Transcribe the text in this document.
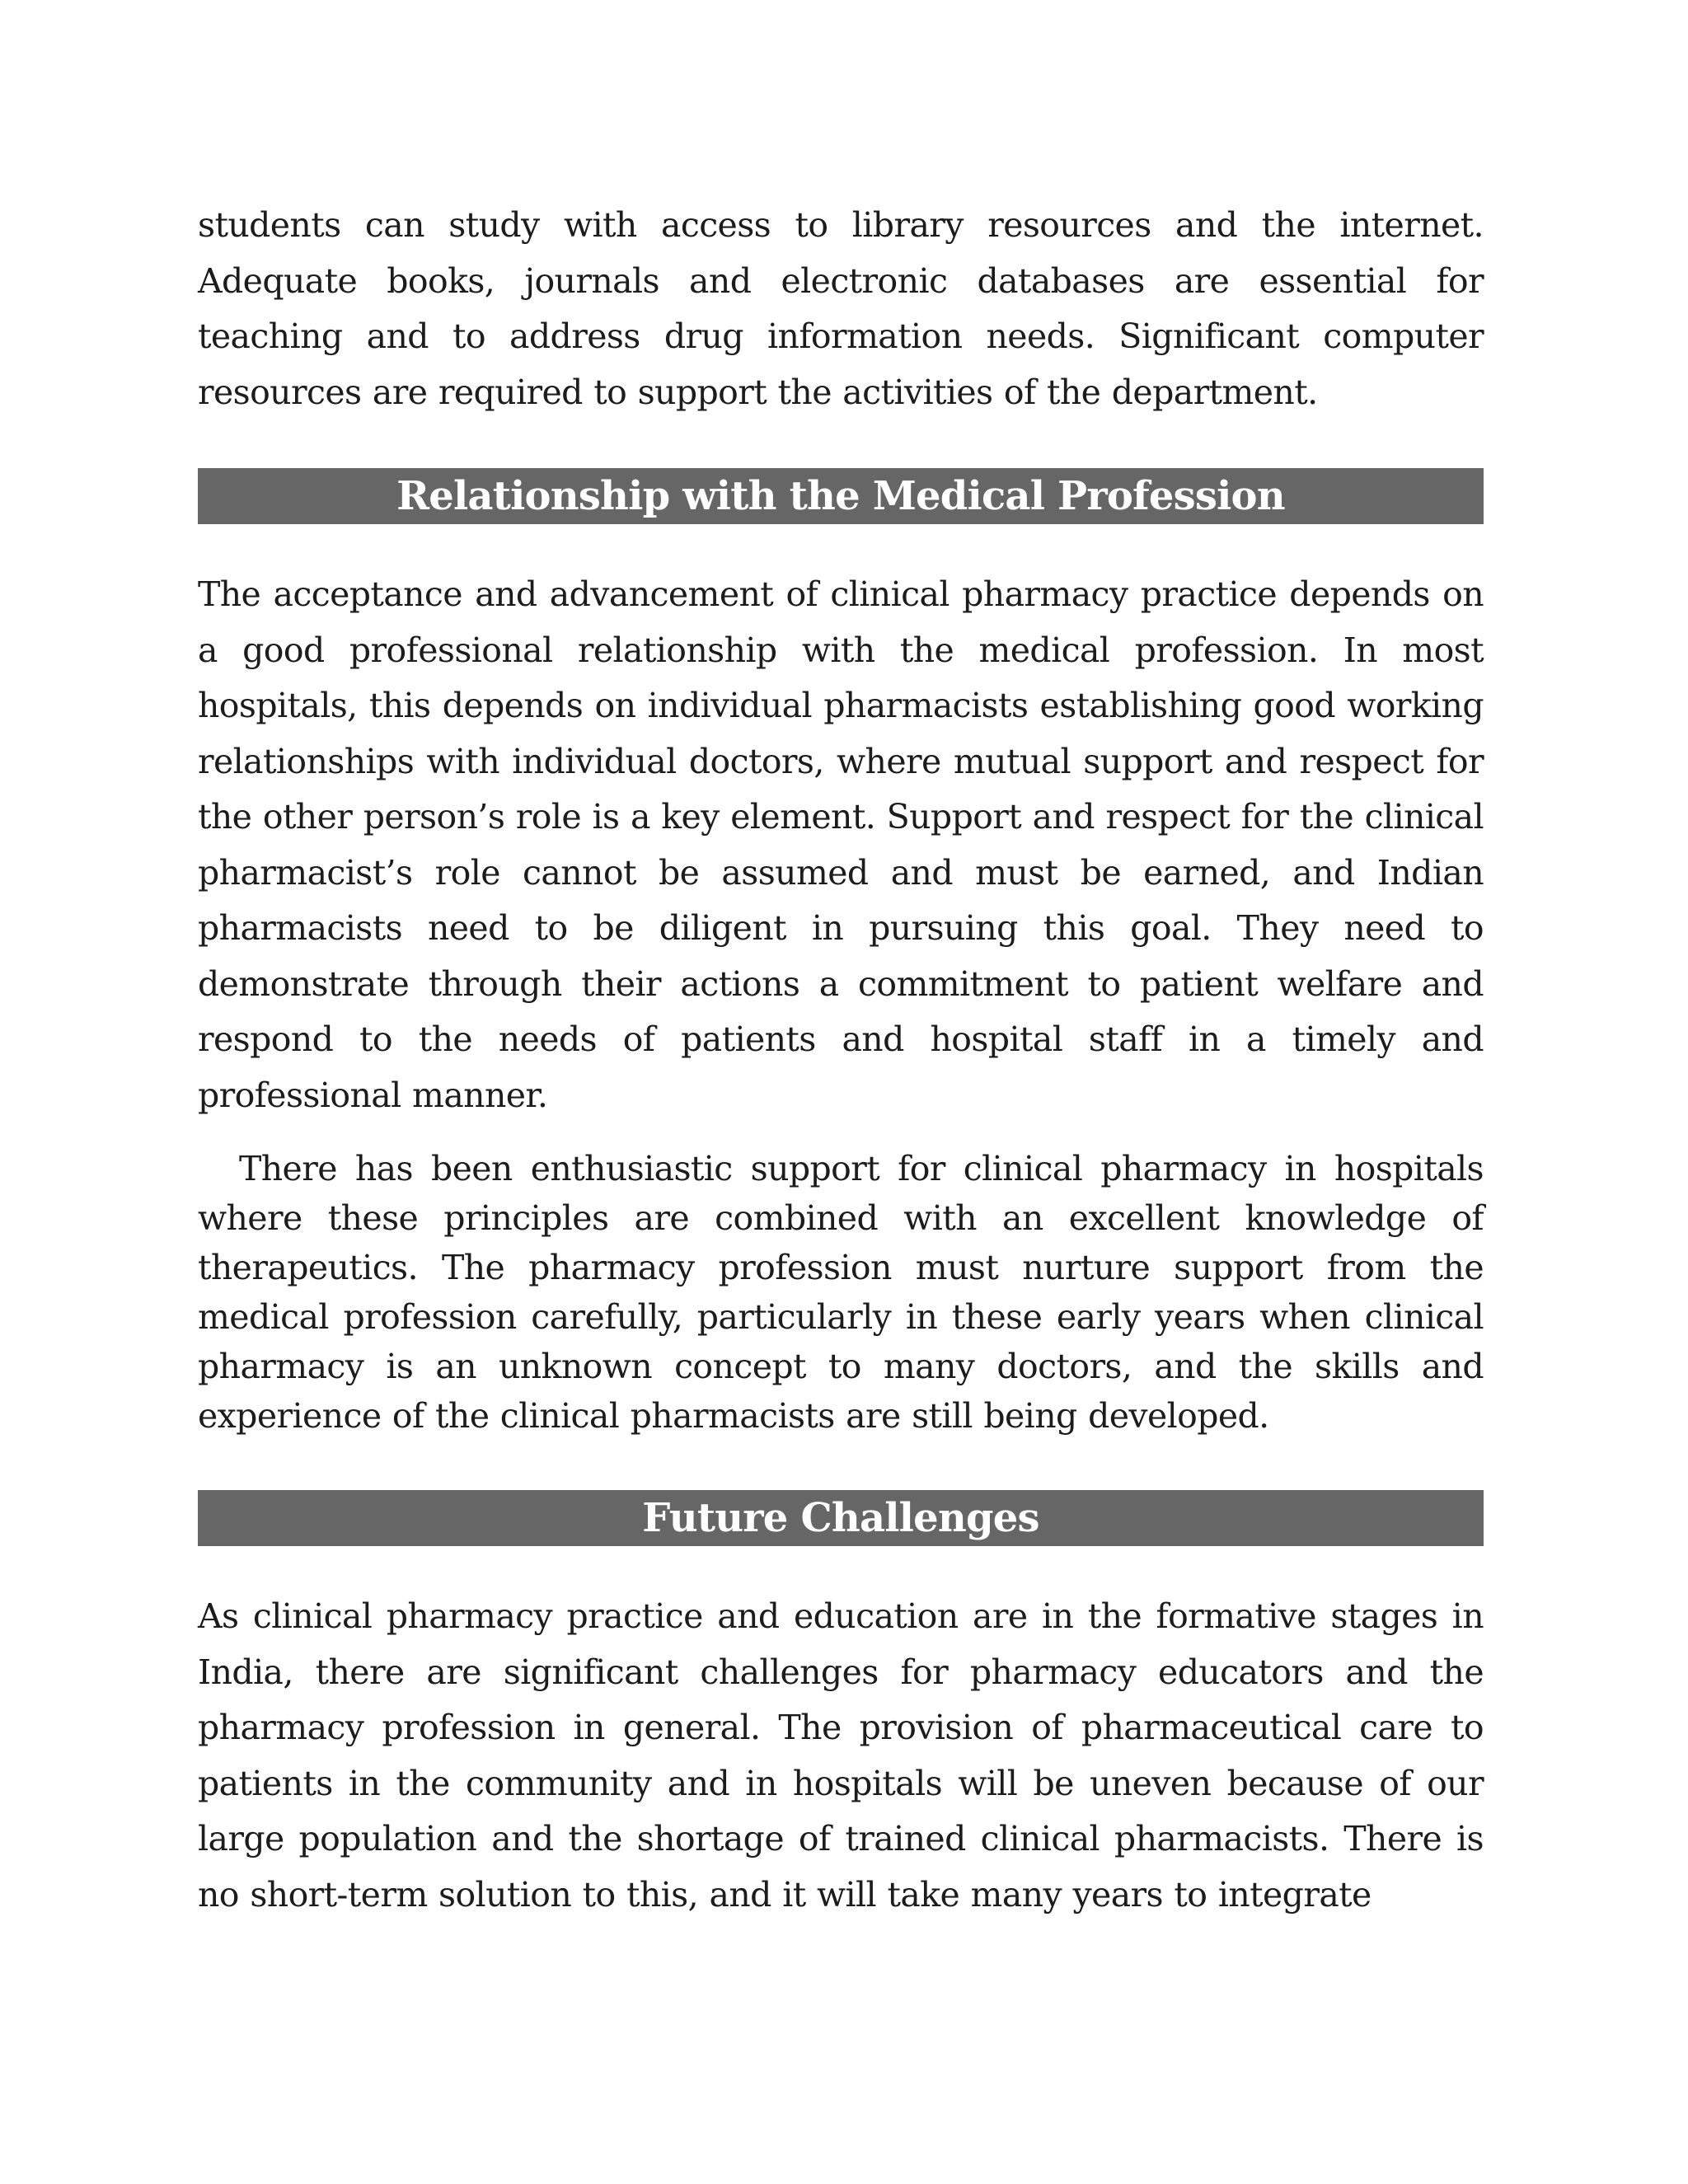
students can study with access to library resources and the internet. Adequate books, journals and electronic databases are essential for teaching and to address drug information needs. Significant computer resources are required to support the activities of the department.

Relationship with the Medical Profession

The acceptance and advancement of clinical pharmacy practice depends on a good professional relationship with the medical profession. In most hospitals, this depends on individual pharmacists establishing good working relationships with individual doctors, where mutual support and respect for the other person’s role is a key element. Support and respect for the clinical pharmacist’s role cannot be assumed and must be earned, and Indian pharmacists need to be diligent in pursuing this goal. They need to demonstrate through their actions a commitment to patient welfare and respond to the needs of patients and hospital staff in a timely and professional manner.

There has been enthusiastic support for clinical pharmacy in hospitals where these principles are combined with an excellent knowledge of therapeutics. The pharmacy profession must nurture support from the medical profession carefully, particularly in these early years when clinical pharmacy is an unknown concept to many doctors, and the skills and experience of the clinical pharmacists are still being developed.

Future Challenges

As clinical pharmacy practice and education are in the formative stages in India, there are significant challenges for pharmacy educators and the pharmacy profession in general. The provision of pharmaceutical care to patients in the community and in hospitals will be uneven because of our large population and the shortage of trained clinical pharmacists. There is no short-term solution to this, and it will take many years to integrate
